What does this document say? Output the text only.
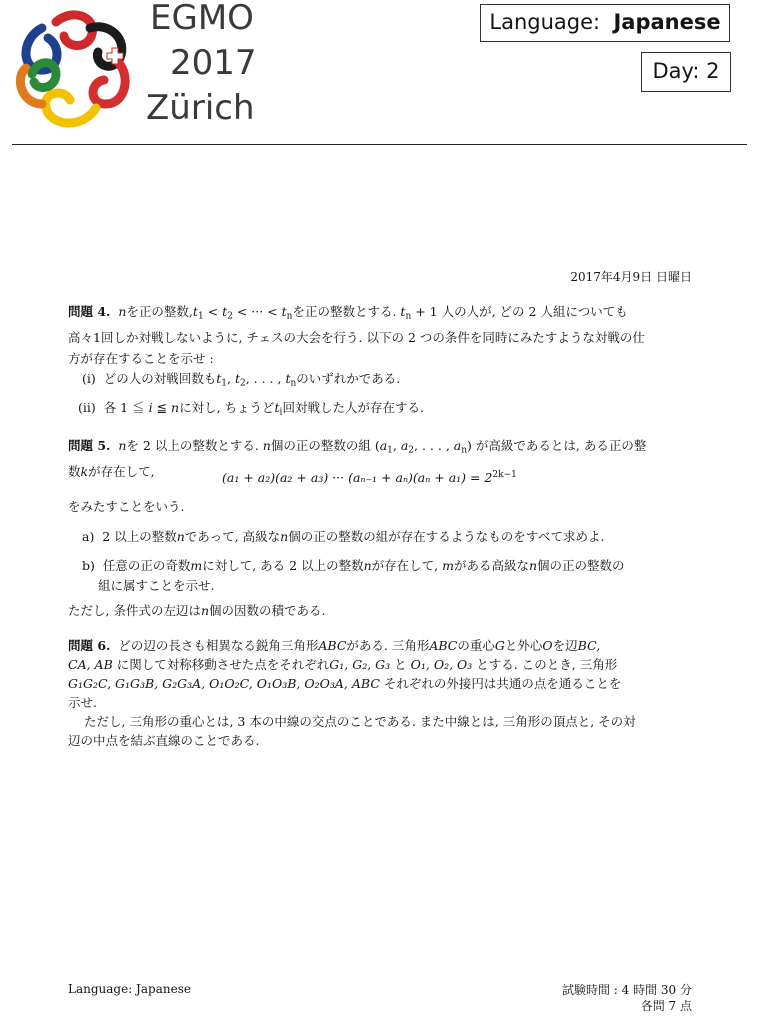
EGMO
2017
Zürich
Language: Japanese
Day: 2
2017年4月9日 日曜日
問題 4. nを正の整数$,t_1 < t_2$ < ··· < $t_n$を正の整数とする. $t_n + 1$ 人の人が, どの 2 人組についても
高々1回しか対戦しないように, チェスの大会を行う. 以下の 2 つの条件を同時にみたすような対戦の仕
方が存在することを示せ :
(i) どの人の対戦回数も$t_1$, $t_2$, . . . , $t_n$のいずれかである.
(ii) 各 1 ≦ i ≦ nに対し, ちょうど$t_i$回対戦した人が存在する.
問題 5. nを 2 以上の整数とする. n個の正の整数の組 ($a_1$, $a_2$, . . . , $a_n$) が高級であるとは, ある正の整
数kが存在して,	(a₁ + a₂)(a₂ + a₃) ··· $(a_{n-1} + a_n)(a_n + a_1) = 2^{2k-1}$
をみたすことをいう.
a) 2 以上の整数nであって, 高級なn個の正の整数の組が存在するようなものをすべて求めよ.
b) 任意の正の奇数mに対して, ある 2 以上の整数nが存在して, mがある高級なn個の正の整数の
組に属すことを示せ.
ただし, 条件式の左辺はn個の因数の積である.
問題 6. どの辺の長さも相異なる鋭角三角形ABCがある. 三角形ABCの重心Gと外心Oを辺BC,
CA, AB に関して対称移動させた点をそれぞれG₁, G₂, G₃ と O₁, O₂, O₃ とする. このとき, 三角形
G₁G₂C, G₁G₃B, G₂G₃A, O₁O₂C, O₁O₃B, O₂O₃A, ABC それぞれの外接円は共通の点を通ることを
示せ.
ただし, 三角形の重心とは, 3 本の中線の交点のことである. また中線とは, 三角形の頂点と, その対
辺の中点を結ぶ直線のことである.
Language: Japanese	試験時間 : 4 時間 30 分
各問 7 点
